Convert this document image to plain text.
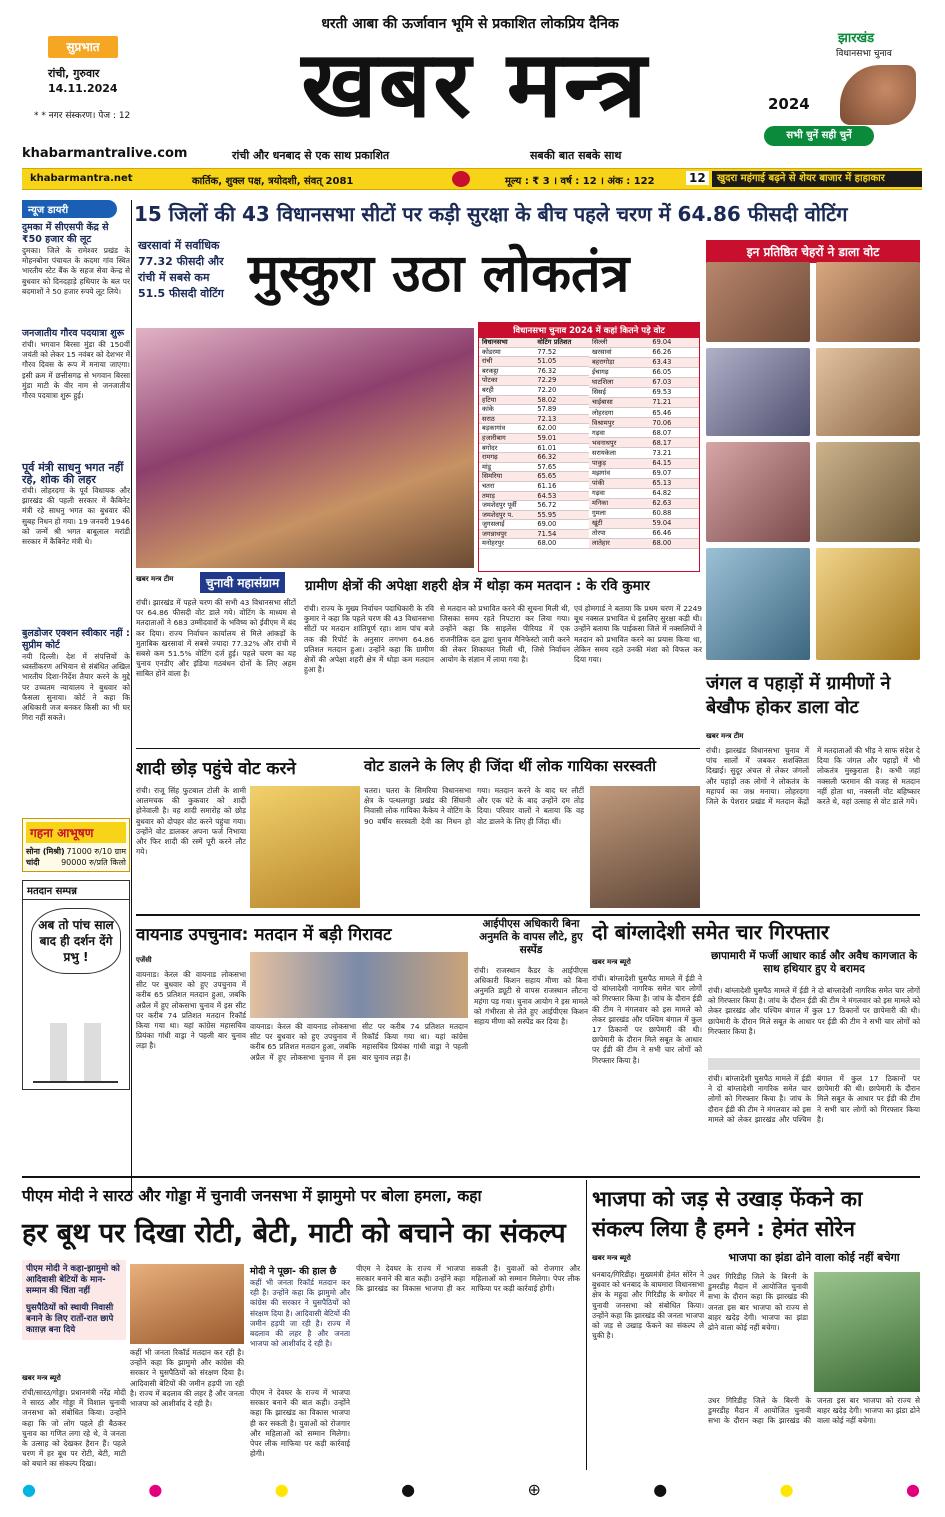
सुप्रभात
रांची, गुरुवार
14.11.2024
* * नगर संस्करण। पेज : 12
khabarmantralive.com
धरती आबा की ऊर्जावान भूमि से प्रकाशित लोकप्रिय दैनिक
खबर मन्त्र
रांची और धनबाद से एक साथ प्रकाशित	सबकी बात सबके साथ
झारखंड
विधानसभा चुनाव
2024
सभी चुनें सही चुनें
khabarmantra.net	कार्तिक, शुक्ल पक्ष, त्रयोदशी, संवत् 2081	मूल्य : ₹ 3 । वर्ष : 12 । अंक : 122	12	खुदरा महंगाई बढ़ने से शेयर बाजार में हाहाकार
न्यूज डायरी
दुमका में सीएसपी केंद्र से ₹50 हजार की लूट
दुमका। जिले के रामेश्वर प्रखंड के मोहनबोना पंचायत के कदमा गांव स्थित भारतीय स्टेट बैंक के सहज सेवा केन्द्र से बुधवार को दिनदहाड़े हथियार के बल पर बदमाशों ने 50 हजार रुपये लूट लिये।
जनजातीय गौरव पदयात्रा शुरू
रांची। भगवान बिरसा मुंडा की 150वीं जयंती को लेकर 15 नवंबर को देशभर में गौरव दिवस के रूप में मनाया जाएगा। इसी क्रम में छत्तीसगढ़ से भगवान बिरसा मुंडा माटी के वीर नाम से जनजातीय गौरव पदयात्रा शुरू हुई।
पूर्व मंत्री साधनु भगत नहीं रहे, शोक की लहर
रांची। लोहरदगा के पूर्व विधायक और झारखंड की पहली सरकार में कैबिनेट मंत्री रहे साधनु भगत का बुधवार की सुबह निधन हो गया। 19 जनवरी 1946 को जन्में श्री भगत बाबूलाल मरांडी सरकार में कैबिनेट मंत्री थे।
बुलडोजर एक्शन स्वीकार नहीं : सुप्रीम कोर्ट
नयी दिल्ली। देश में संपत्तियों के ध्वस्तीकरण अभियान से संबंधित अखिल भारतीय दिशा-निर्देश तैयार करने के मुद्दे पर उच्चतम न्यायालय ने बुधवार को फैसला सुनाया। कोर्ट ने कहा कि अधिकारी जज बनकर किसी का भी घर गिरा नहीं सकते।
गहना आभूषण
सोना (मिश्री) 71000 रु/10 ग्राम
चांदी	90000 रु/प्रति किलो
मतदान सम्पन्न
अब तो पांच साल बाद ही दर्शन देंगे प्रभु !
15 जिलों की 43 विधानसभा सीटों पर कड़ी सुरक्षा के बीच पहले चरण में 64.86 फीसदी वोटिंग
खरसावां में सर्वाधिक 77.32 फीसदी और रांची में सबसे कम 51.5 फीसदी वोटिंग मुस्कुरा उठा लोकतंत्र	इन प्रतिष्ठित चेहरों ने डाला वोट
विधानसभा चुनाव 2024 में कहां कितने पड़े वोट
विधानसभा	वोटिंग प्रतिशत
कोडरमा	77.52
रांची	51.05
बरकट्ठा	76.32
पोटका	72.29
बरही	72.20
हटिया	58.02
कांके	57.89
सराठ	72.13
बड़कागांव	62.00
हजारीबाग	59.01
बगोदर	61.01
रामगढ़	66.32
मांडू	57.65
सिमरिया	65.65
चतरा	61.16
तमाड़	64.53
जमशेदपुर पूर्वी	56.72
जमशेदपुर प.	55.95
जुगसलाई	69.00
जगन्नाथपुर	71.54
मनोहरपुर	68.00
सिल्ली	69.04
खरसावां	66.26
बहरागोड़ा	63.43
ईचागढ़	66.05
घाटशिला	67.03
सिसई	69.53
चाईबासा	71.21
लोहरदगा	65.46
विश्रामपुर	70.06
गढ़वा	68.07
भवनाथपुर	68.17
सरायकेला	73.21
पाकुड़	64.15
मझगांव	69.07
पांकी	65.13
गढ़वा	64.82
मनिका	62.63
गुमला	60.88
खूंटी	59.04
तोरपा	66.46
लातेहार	68.00
खबर मन्त्र टीम	चुनावी महासंग्राम	ग्रामीण क्षेत्रों की अपेक्षा शहरी क्षेत्र में थोड़ा कम मतदान : के रवि कुमार
रांची। झारखंड में पहले चरण की सभी 43 विधानसभा सीटों पर 64.86 फीसदी वोट डाले गये। वोटिंग के माध्यम से मतदाताओं ने 683 उम्मीदवारों के भविष्य को ईवीएम में बंद कर दिया। राज्य निर्वाचन कार्यालय से मिले आंकड़ों के मुताबिक खरसावां में सबसे ज्यादा 77.32% और रांची में सबसे कम 51.5% वोटिंग दर्ज हुई। पहले चरण का यह चुनाव एनडीए और इंडिया गठबंधन दोनों के लिए अहम साबित होने वाला है।
रांची। राज्य के मुख्य निर्वाचन पदाधिकारी के रवि कुमार ने कहा कि पहले चरण की 43 विधानसभा सीटों पर मतदान शांतिपूर्ण रहा। शाम पांच बजे तक की रिपोर्ट के अनुसार लगभग 64.86 प्रतिशत मतदान हुआ। उन्होंने कहा कि ग्रामीण क्षेत्रों की अपेक्षा शहरी क्षेत्र में थोड़ा कम मतदान हुआ है।
से मतदान को प्रभावित करने की सूचना मिली थी, जिसका समय रहते निपटारा कर लिया गया। उन्होंने कहा कि साइलेंस पीरियड में एक राजनीतिक दल द्वारा चुनाव मैनिफेस्टो जारी करने की लेकर शिकायत मिली थी, जिसे निर्वाचन आयोग के संज्ञान में लाया गया है।
एवं होमगार्ड ने बताया कि प्रथम चरण में 2249 बूथ नक्सल प्रभावित थे इसलिए सुरक्षा कड़ी थी। उन्होंने बताया कि पाईकसा जिले में नक्सलियों ने मतदान को प्रभावित करने का प्रयास किया था, लेकिन समय रहते उनकी मंशा को विफल कर दिया गया।
जंगल व पहाड़ों में ग्रामीणों ने बेखौफ होकर डाला वोट
खबर मन्त्र टीम
रांची। झारखंड विधानसभा चुनाव में पांच सालों में जबकर सशक्तिता दिखाई। सुदूर अंचल से लेकर जंगलों और पहाड़ों तक लोगों ने लोकतंत्र के महापर्व का जश्न मनाया। लोहरदगा जिले के पेशरार प्रखंड में मतदान केंद्रों में मतदाताओं की भीड़ ने साफ संदेश दे दिया कि जंगल और पहाड़ों में भी लोकतंत्र मुस्कुराता है। कभी जहां नक्सली फरमान की वजह से मतदान नहीं होता था, नक्सली वोट बहिष्कार करते थे, वहां उत्साह से वोट डाले गये।
शादी छोड़ पहुंचे वोट करने
रांची। राजू सिंह फुटबाल टोली के शामी आलमचक की कुकवार को शादी होनेवाली है। वह शादी समारोह को छोड़ बुधवार को दोपहर वोट करने पहुंचा गया। उन्होंने वोट डालकर अपना फर्ज निभाया और फिर शादी की रस्में पूरी करने लौट गये।
वोट डालने के लिए ही जिंदा थीं लोक गायिका सरस्वती
चतरा। चतरा के सिमरिया विधानसभा क्षेत्र के पत्थलगड्डा प्रखंड की सिंघानी निवासी लोक गायिका कैकेय ने वोटिंग के 90 वर्षीय सरस्वती देवी का निधन हो गया। मतदान करने के बाद घर लौटीं और एक घंटे के बाद उन्होंने दम तोड़ दिया। परिवार वालों ने बताया कि वह वोट डालने के लिए ही जिंदा थीं।
वायनाड उपचुनाव: मतदान में बड़ी गिरावट
एजेंसी
वायनाड। केरल की वायनाड लोकसभा सीट पर बुधवार को हुए उपचुनाव में करीब 65 प्रतिशत मतदान हुआ, जबकि अप्रैल में हुए लोकसभा चुनाव में इस सीट पर करीब 74 प्रतिशत मतदान रिकॉर्ड किया गया था। यहां कांग्रेस महासचिव प्रियंका गांधी वाड्रा ने पहली बार चुनाव लड़ा है।
वायनाड। केरल की वायनाड लोकसभा सीट पर बुधवार को हुए उपचुनाव में करीब 65 प्रतिशत मतदान हुआ, जबकि अप्रैल में हुए लोकसभा चुनाव में इस सीट पर करीब 74 प्रतिशत मतदान रिकॉर्ड किया गया था। यहां कांग्रेस महासचिव प्रियंका गांधी वाड्रा ने पहली बार चुनाव लड़ा है।
आईपीएस अधिकारी बिना अनुमति के वापस लौटे, हुए सस्पेंड
रांची। राजस्थान कैडर के आईपीएस अधिकारी किशन सहाय मीणा को बिना अनुमति ड्यूटी से वापस राजस्थान लौटना महंगा पड़ गया। चुनाव आयोग ने इस मामले को गंभीरता से लेते हुए आईपीएस किशन सहाय मीणा को सस्पेंड कर दिया है।
दो बांग्लादेशी समेत चार गिरफ्तार
खबर मन्त्र ब्यूरो	छापामारी में फर्जी आधार कार्ड और अवैध कागजात के साथ हथियार हुए ये बरामद
रांची। बांग्लादेशी घुसपैठ मामले में ईडी ने दो बांग्लादेशी नागरिक समेत चार लोगों को गिरफ्तार किया है। जांच के दौरान ईडी की टीम ने मंगलवार को इस मामले को लेकर झारखंड और पश्चिम बंगाल में कुल 17 ठिकानों पर छापेमारी की थी। छापेमारी के दौरान मिले सबूत के आधार पर ईडी की टीम ने सभी चार लोगों को गिरफ्तार किया है।
रांची। बांग्लादेशी घुसपैठ मामले में ईडी ने दो बांग्लादेशी नागरिक समेत चार लोगों को गिरफ्तार किया है। जांच के दौरान ईडी की टीम ने मंगलवार को इस मामले को लेकर झारखंड और पश्चिम बंगाल में कुल 17 ठिकानों पर छापेमारी की थी। छापेमारी के दौरान मिले सबूत के आधार पर ईडी की टीम ने सभी चार लोगों को गिरफ्तार किया है।
रांची। बांग्लादेशी घुसपैठ मामले में ईडी ने दो बांग्लादेशी नागरिक समेत चार लोगों को गिरफ्तार किया है। जांच के दौरान ईडी की टीम ने मंगलवार को इस मामले को लेकर झारखंड और पश्चिम बंगाल में कुल 17 ठिकानों पर छापेमारी की थी। छापेमारी के दौरान मिले सबूत के आधार पर ईडी की टीम ने सभी चार लोगों को गिरफ्तार किया है।
पीएम मोदी ने सारठ और गोड्डा में चुनावी जनसभा में झामुमो पर बोला हमला, कहा
हर बूथ पर दिखा रोटी, बेटी, माटी को बचाने का संकल्प
पीएम मोदी ने कहा-झामुमो को आदिवासी बेटियों के मान-सम्मान की चिंता नहीं
घुसपैठियों को स्थायी निवासी बनाने के लिए रातों-रात छापे काग़ज़ बना दिये
मोदी ने पूछा- की हाल छै
कहीं भी जनता रिकॉर्ड मतदान कर रही है। उन्होंने कहा कि झामुमो और कांग्रेस की सरकार ने घुसपैठियों को संरक्षण दिया है। आदिवासी बेटियों की जमीन हड़पी जा रही है। राज्य में बदलाव की लहर है और जनता भाजपा को आशीर्वाद दे रही है।
खबर मन्त्र ब्यूरो
रांची/सारठ/गोड्डा। प्रधानमंत्री नरेंद्र मोदी ने सारठ और गोड्डा में विशाल चुनावी जनसभा को संबोधित किया। उन्होंने कहा कि जो लोग पहले ही बैठकर चुनाव का गणित लगा रहे थे, वे जनता के उत्साह को देखकर हैरान हैं। पहले चरण में हर बूथ पर रोटी, बेटी, माटी को बचाने का संकल्प दिखा।
कहीं भी जनता रिकॉर्ड मतदान कर रही है। उन्होंने कहा कि झामुमो और कांग्रेस की सरकार ने घुसपैठियों को संरक्षण दिया है। आदिवासी बेटियों की जमीन हड़पी जा रही है। राज्य में बदलाव की लहर है और जनता भाजपा को आशीर्वाद दे रही है।
पीएम ने देवघर के राज्य में भाजपा सरकार बनाने की बात कही। उन्होंने कहा कि झारखंड का विकास भाजपा ही कर सकती है। युवाओं को रोजगार और महिलाओं को सम्मान मिलेगा। पेपर लीक माफिया पर कड़ी कार्रवाई होगी।
पीएम ने देवघर के राज्य में भाजपा सरकार बनाने की बात कही। उन्होंने कहा कि झारखंड का विकास भाजपा ही कर सकती है। युवाओं को रोजगार और महिलाओं को सम्मान मिलेगा। पेपर लीक माफिया पर कड़ी कार्रवाई होगी।
भाजपा को जड़ से उखाड़ फेंकने का संकल्प लिया है हमने : हेमंत सोरेन
खबर मन्त्र ब्यूरो	भाजपा का झंडा ढोने वाला कोई नहीं बचेगा
धनबाद/गिरिडीह। मुख्यमंत्री हेमंत सोरेन ने बुधवार को धनबाद के बाघमारा विधानसभा क्षेत्र के महुदा और गिरिडीह के बगोदर में चुनावी जनसभा को संबोधित किया। उन्होंने कहा कि झारखंड की जनता भाजपा को जड़ से उखाड़ फेंकने का संकल्प ले चुकी है।
उधर गिरिडीह जिले के बिरनी के डुमरडीह मैदान में आयोजित चुनावी सभा के दौरान कहा कि झारखंड की जनता इस बार भाजपा को राज्य से बाहर खदेड़ देगी। भाजपा का झंडा ढोने वाला कोई नहीं बचेगा।
उधर गिरिडीह जिले के बिरनी के डुमरडीह मैदान में आयोजित चुनावी सभा के दौरान कहा कि झारखंड की जनता इस बार भाजपा को राज्य से बाहर खदेड़ देगी। भाजपा का झंडा ढोने वाला कोई नहीं बचेगा।
●	●	●	●	⊕	●	●	●
